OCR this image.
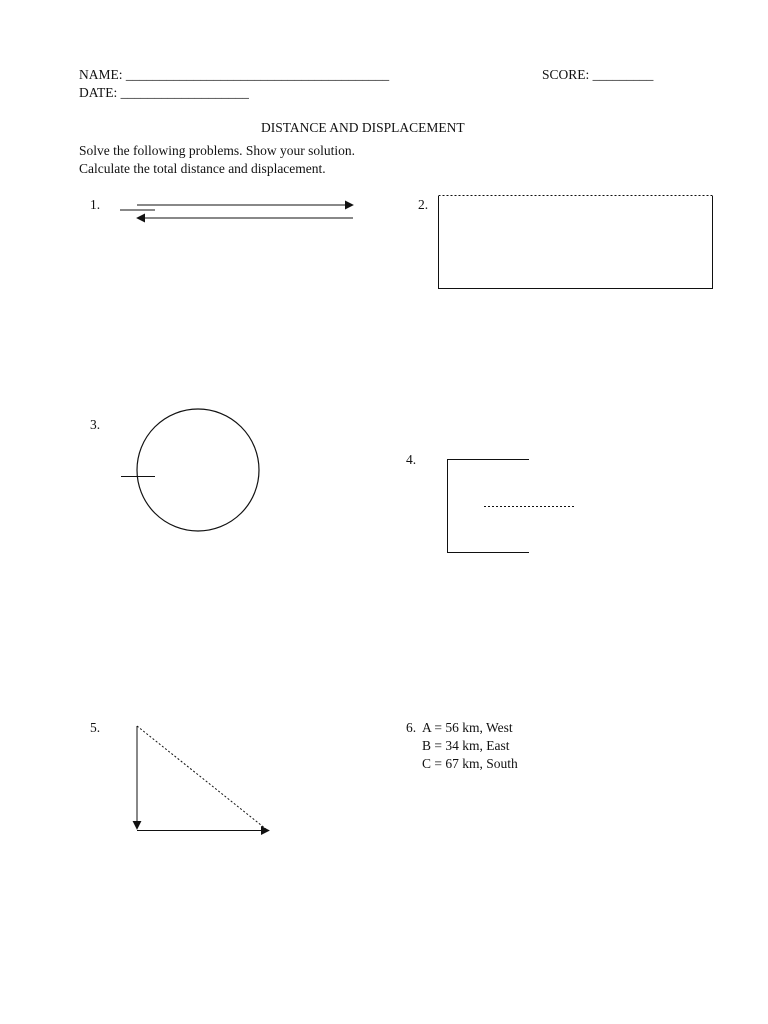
NAME: _______________________________________	SCORE: _________
DATE: ___________________
DISTANCE AND DISPLACEMENT
Solve the following problems. Show your solution.
Calculate the total distance and displacement.
1.	2.
3.
4.
5.	6. A = 56 km, West
B = 34 km, East
C = 67 km, South
